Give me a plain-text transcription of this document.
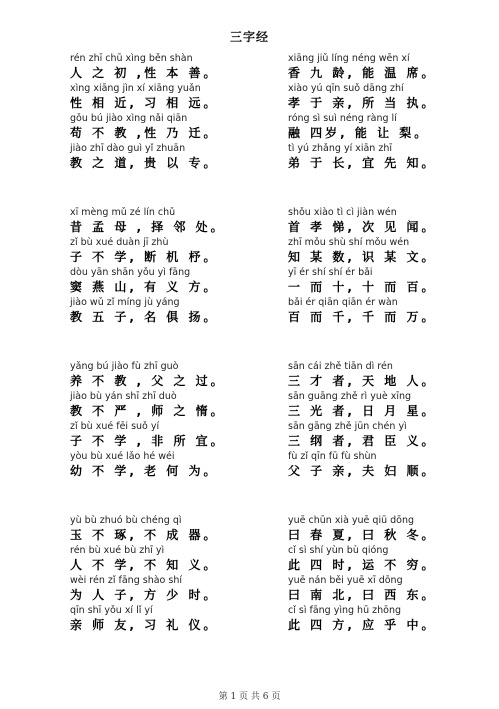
三字经
rén zhī chū xìng běn shàn
人 之 初 ,性 本 善。
xìng xiāng jìn xí xiāng yuǎn
性 相 近, 习 相 远。
gǒu bú jiào xìng nǎi qiān
苟 不 教 ,性 乃 迁。
jiào zhī dào guì yǐ zhuān
教 之 道, 贵 以 专。
xī mèng mǔ zé lín chǔ
昔 孟 母 , 择 邻 处。
zǐ bù xué duàn jī zhù
子 不 学, 断 机 杼。
dòu yān shān yǒu yì fāng
窦 燕 山, 有 义 方。
jiào wǔ zǐ míng jù yáng
教 五 子, 名 俱 扬。
yǎng bú jiào fù zhī guò
养 不 教 , 父 之 过。
jiào bù yán shī zhī duò
教 不 严 , 师 之 惰。
zǐ bù xué fēi suǒ yí
子 不 学 , 非 所 宜。
yòu bù xué lǎo hé wéi
幼 不 学, 老 何 为。
yù bù zhuó bù chéng qì
玉 不 琢, 不 成 器。
rén bù xué bù zhī yì
人 不 学, 不 知 义。
wèi rén zǐ fāng shào shí
为 人 子, 方 少 时。
qīn shī yǒu xí lǐ yí
亲 师 友, 习 礼 仪。
xiāng jiǔ líng néng wēn xí
香 九 龄, 能 温 席。
xiào yú qīn suǒ dāng zhí
孝 于 亲, 所 当 执。
róng sì suì néng ràng lí
融 四岁, 能 让 梨。
tì yú zhǎng yí xiān zhī
弟 于 长, 宜 先 知。
shǒu xiào tì cì jiàn wén
首 孝 悌, 次 见 闻。
zhī mǒu shù shí mǒu wén
知 某 数, 识 某 文。
yī ér shí shí ér bǎi
一 而 十, 十 而 百。
bǎi ér qiān qiān ér wàn
百 而 千, 千 而 万。
sān cái zhě tiān dì rén
三 才 者, 天 地 人。
sān guāng zhě rì yuè xīng
三 光 者, 日 月 星。
sān gāng zhě jūn chén yì
三 纲 者, 君 臣 义。
fù zǐ qīn fū fù shùn
父 子 亲, 夫 妇 顺。
yuē chūn xià yuē qiū dōng
曰 春 夏, 曰 秋 冬。
cǐ sì shí yùn bù qióng
此 四 时, 运 不 穷。
yuē nán běi yuē xī dōng
曰 南 北, 曰 西 东。
cǐ sì fāng yìng hū zhōng
此 四 方, 应 乎 中。
第 1 页 共 6 页
